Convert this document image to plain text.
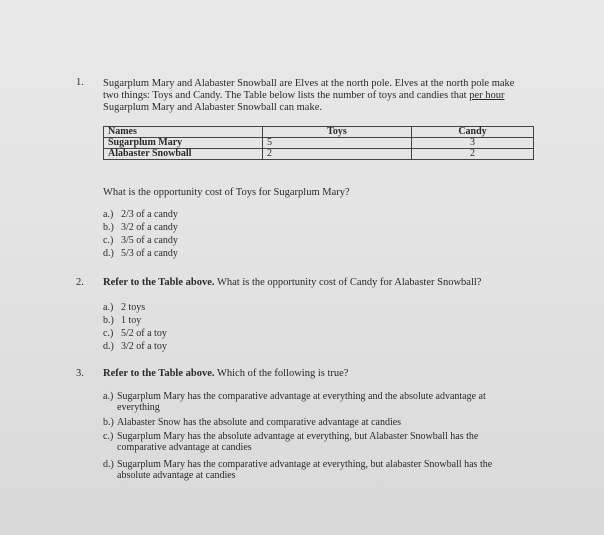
1. Sugarplum Mary and Alabaster Snowball are Elves at the north pole. Elves at the north pole make
two things: Toys and Candy. The Table below lists the number of toys and candies that per hour
Sugarplum Mary and Alabaster Snowball can make.
Names	Toys	Candy
Sugarplum Mary	5	3
Alabaster Snowball	2	2
What is the opportunity cost of Toys for Sugarplum Mary?
a.) 2/3 of a candy
b.) 3/2 of a candy
c.) 3/5 of a candy
d.) 5/3 of a candy
2. Refer to the Table above. What is the opportunity cost of Candy for Alabaster Snowball?
a.) 2 toys
b.) 1 toy
c.) 5/2 of a toy
d.) 3/2 of a toy
3. Refer to the Table above. Which of the following is true?
a.) Sugarplum Mary has the comparative advantage at everything and the absolute advantage at
everything
b.) Alabaster Snow has the absolute and comparative advantage at candies
c.) Sugarplum Mary has the absolute advantage at everything, but Alabaster Snowball has the
comparative advantage at candies
d.) Sugarplum Mary has the comparative advantage at everything, but alabaster Snowball has the
absolute advantage at candies
